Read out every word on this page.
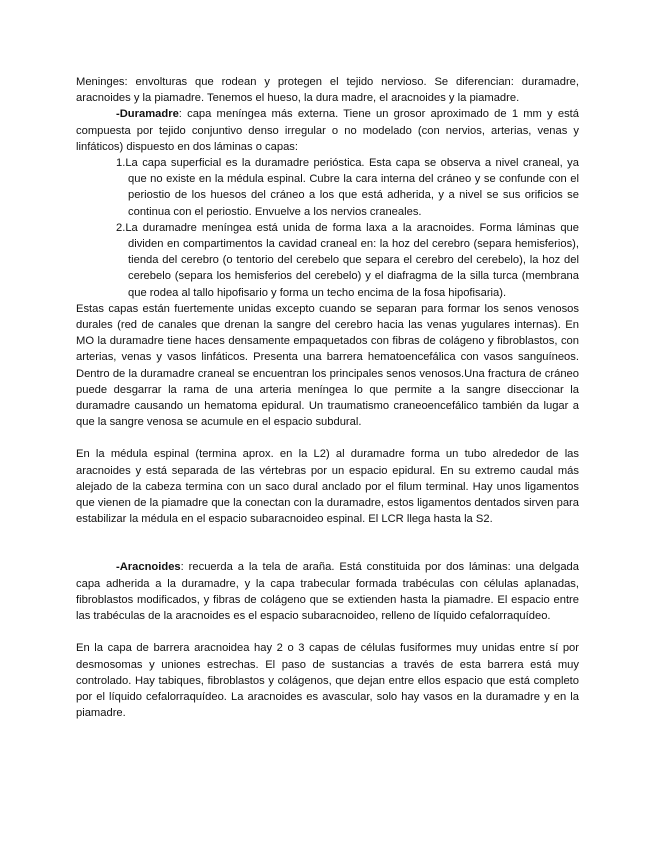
Meninges: envolturas que rodean y protegen el tejido nervioso. Se diferencian: duramadre, aracnoides y la piamadre. Tenemos el hueso, la dura madre, el aracnoides y la piamadre.

-Duramadre: capa meníngea más externa. Tiene un grosor aproximado de 1 mm y está compuesta por tejido conjuntivo denso irregular o no modelado (con nervios, arterias, venas y linfáticos) dispuesto en dos láminas o capas:

1.La capa superficial es la duramadre perióstica. Esta capa se observa a nivel craneal, ya que no existe en la médula espinal. Cubre la cara interna del cráneo y se confunde con el periostio de los huesos del cráneo a los que está adherida, y a nivel se sus orificios se continua con el periostio. Envuelve a los nervios craneales.

2.La duramadre meníngea está unida de forma laxa a la aracnoides. Forma láminas que dividen en compartimentos la cavidad craneal en: la hoz del cerebro (separa hemisferios), tienda del cerebro (o tentorio del cerebelo que separa el cerebro del cerebelo), la hoz del cerebelo (separa los hemisferios del cerebelo) y el diafragma de la silla turca (membrana que rodea al tallo hipofisario y forma un techo encima de la fosa hipofisaria).

Estas capas están fuertemente unidas excepto cuando se separan para formar los senos venosos durales (red de canales que drenan la sangre del cerebro hacia las venas yugulares internas). En MO la duramadre tiene haces densamente empaquetados con fibras de colágeno y fibroblastos, con arterias, venas y vasos linfáticos. Presenta una barrera hematoencefálica con vasos sanguíneos. Dentro de la duramadre craneal se encuentran los principales senos venosos.Una fractura de cráneo puede desgarrar la rama de una arteria meníngea lo que permite a la sangre diseccionar la duramadre causando un hematoma epidural. Un traumatismo craneoencefálico también da lugar a que la sangre venosa se acumule en el espacio subdural.

En la médula espinal (termina aprox. en la L2) al duramadre forma un tubo alrededor de las aracnoides y está separada de las vértebras por un espacio epidural. En su extremo caudal más alejado de la cabeza termina con un saco dural anclado por el filum terminal. Hay unos ligamentos que vienen de la piamadre que la conectan con la duramadre, estos ligamentos dentados sirven para estabilizar la médula en el espacio subaracnoideo espinal. El LCR llega hasta la S2.

-Aracnoides: recuerda a la tela de araña. Está constituida por dos láminas: una delgada capa adherida a la duramadre, y la capa trabecular formada trabéculas con células aplanadas, fibroblastos modificados, y fibras de colágeno que se extienden hasta la piamadre. El espacio entre las trabéculas de la aracnoides es el espacio subaracnoideo, relleno de líquido cefalorraquídeo.

En la capa de barrera aracnoidea hay 2 o 3 capas de células fusiformes muy unidas entre sí por desmosomas y uniones estrechas. El paso de sustancias a través de esta barrera está muy controlado. Hay tabiques, fibroblastos y colágenos, que dejan entre ellos espacio que está completo por el líquido cefalorraquídeo. La aracnoides es avascular, solo hay vasos en la duramadre y en la piamadre.
